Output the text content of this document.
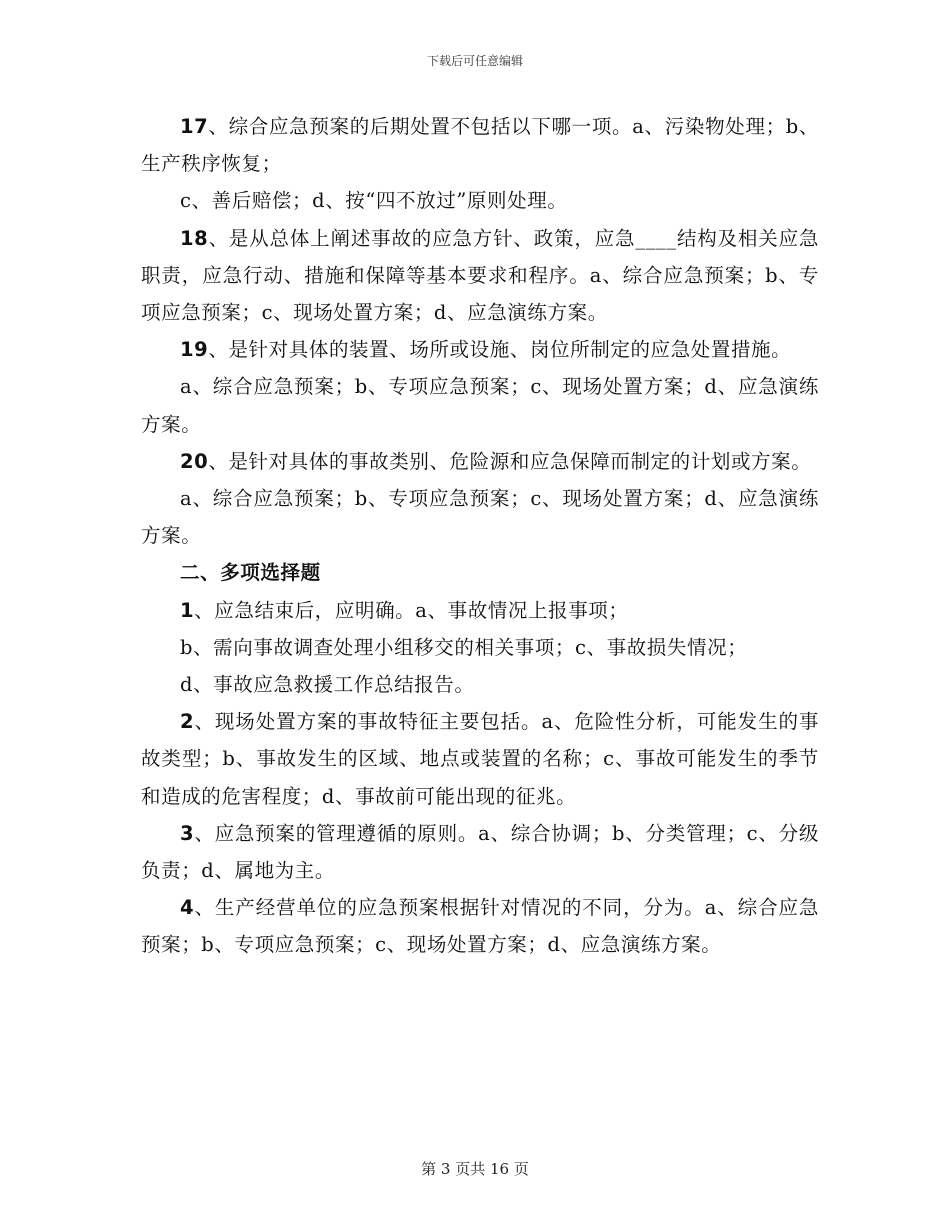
下载后可任意编辑

17、综合应急预案的后期处置不包括以下哪一项。a、污染物处理；b、生产秩序恢复；

c、善后赔偿；d、按“四不放过”原则处理。

18、是从总体上阐述事故的应急方针、政策，应急____结构及相关应急职责，应急行动、措施和保障等基本要求和程序。a、综合应急预案；b、专项应急预案；c、现场处置方案；d、应急演练方案。

19、是针对具体的装置、场所或设施、岗位所制定的应急处置措施。

a、综合应急预案；b、专项应急预案；c、现场处置方案；d、应急演练方案。

20、是针对具体的事故类别、危险源和应急保障而制定的计划或方案。

a、综合应急预案；b、专项应急预案；c、现场处置方案；d、应急演练方案。

二、多项选择题

1、应急结束后，应明确。a、事故情况上报事项；

b、需向事故调查处理小组移交的相关事项；c、事故损失情况；

d、事故应急救援工作总结报告。

2、现场处置方案的事故特征主要包括。a、危险性分析，可能发生的事故类型；b、事故发生的区域、地点或装置的名称；c、事故可能发生的季节和造成的危害程度；d、事故前可能出现的征兆。

3、应急预案的管理遵循的原则。a、综合协调；b、分类管理；c、分级负责；d、属地为主。

4、生产经营单位的应急预案根据针对情况的不同，分为。a、综合应急预案；b、专项应急预案；c、现场处置方案；d、应急演练方案。

第 3 页共 16 页
